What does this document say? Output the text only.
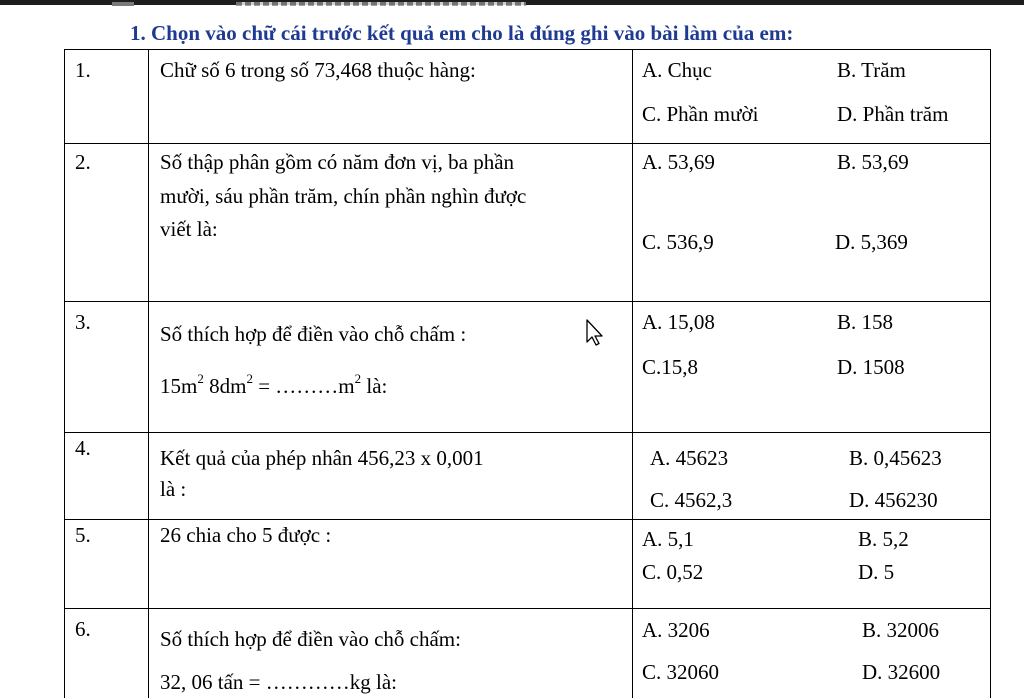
1. Chọn vào chữ cái trước kết quả em cho là đúng ghi vào bài làm của em:
1.	Chữ số 6 trong số 73,468 thuộc hàng:	A. Chục	B. Trăm
C. Phần mười	D. Phần trăm
2.	Số thập phân gồm có năm đơn vị, ba phần
mười, sáu phần trăm, chín phần nghìn được
viết là:
A. 53,69	B. 53,69
C. 536,9	D. 5,369
3.	Số thích hợp để điền vào chỗ chấm :
$15m^2$ $8dm^2$ = $\dots\dots\dots m^2$ là:
A. 15,08	B. 158
C.15,8	D. 1508
4.	Kết quả của phép nhân 456,23 x 0,001
là :
A. 45623	B. 0,45623
C. 4562,3	D. 456230
5.	26 chia cho 5 được :	A. 5,1	B. 5,2
C. 0,52	D. 5
6.	Số thích hợp để điền vào chỗ chấm:
32, 06 tấn = …………kg là:
A. 3206	B. 32006
C. 32060	D. 32600
